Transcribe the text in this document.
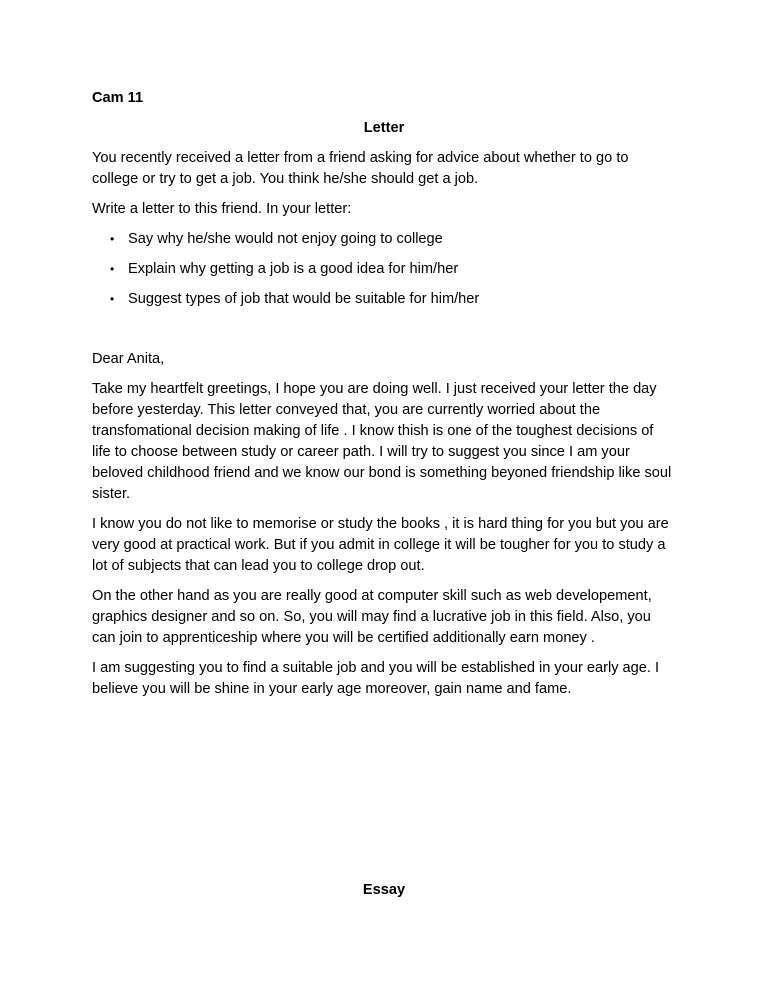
Cam 11

Letter

You recently received a letter from a friend asking for advice about whether to go to college or try to get a job. You think he/she should get a job.

Write a letter to this friend. In your letter:

• Say why he/she would not enjoy going to college
• Explain why getting a job is a good idea for him/her
• Suggest types of job that would be suitable for him/her

Dear Anita,

Take my heartfelt greetings, I hope you are doing well. I just received your letter the day before yesterday. This letter conveyed that, you are currently worried about the transfomational decision making of life . I know thish is one of the toughest decisions of life to choose between study or career path. I will try to suggest you since I am your beloved childhood friend and we know our bond is something beyoned friendship like soul sister.

I know you do not like to memorise or study the books , it is hard thing for you but you are very good at practical work. But if you admit in college it will be tougher for you to study a lot of subjects that can lead you to college drop out.

On the other hand as you are really good at computer skill such as web developement, graphics designer and so on. So, you will may find a lucrative job in this field. Also, you can join to apprenticeship where you will be certified additionally earn money .

I am suggesting you to find a suitable job and you will be established in your early age. I believe you will be shine in your early age moreover, gain name and fame.

Essay
